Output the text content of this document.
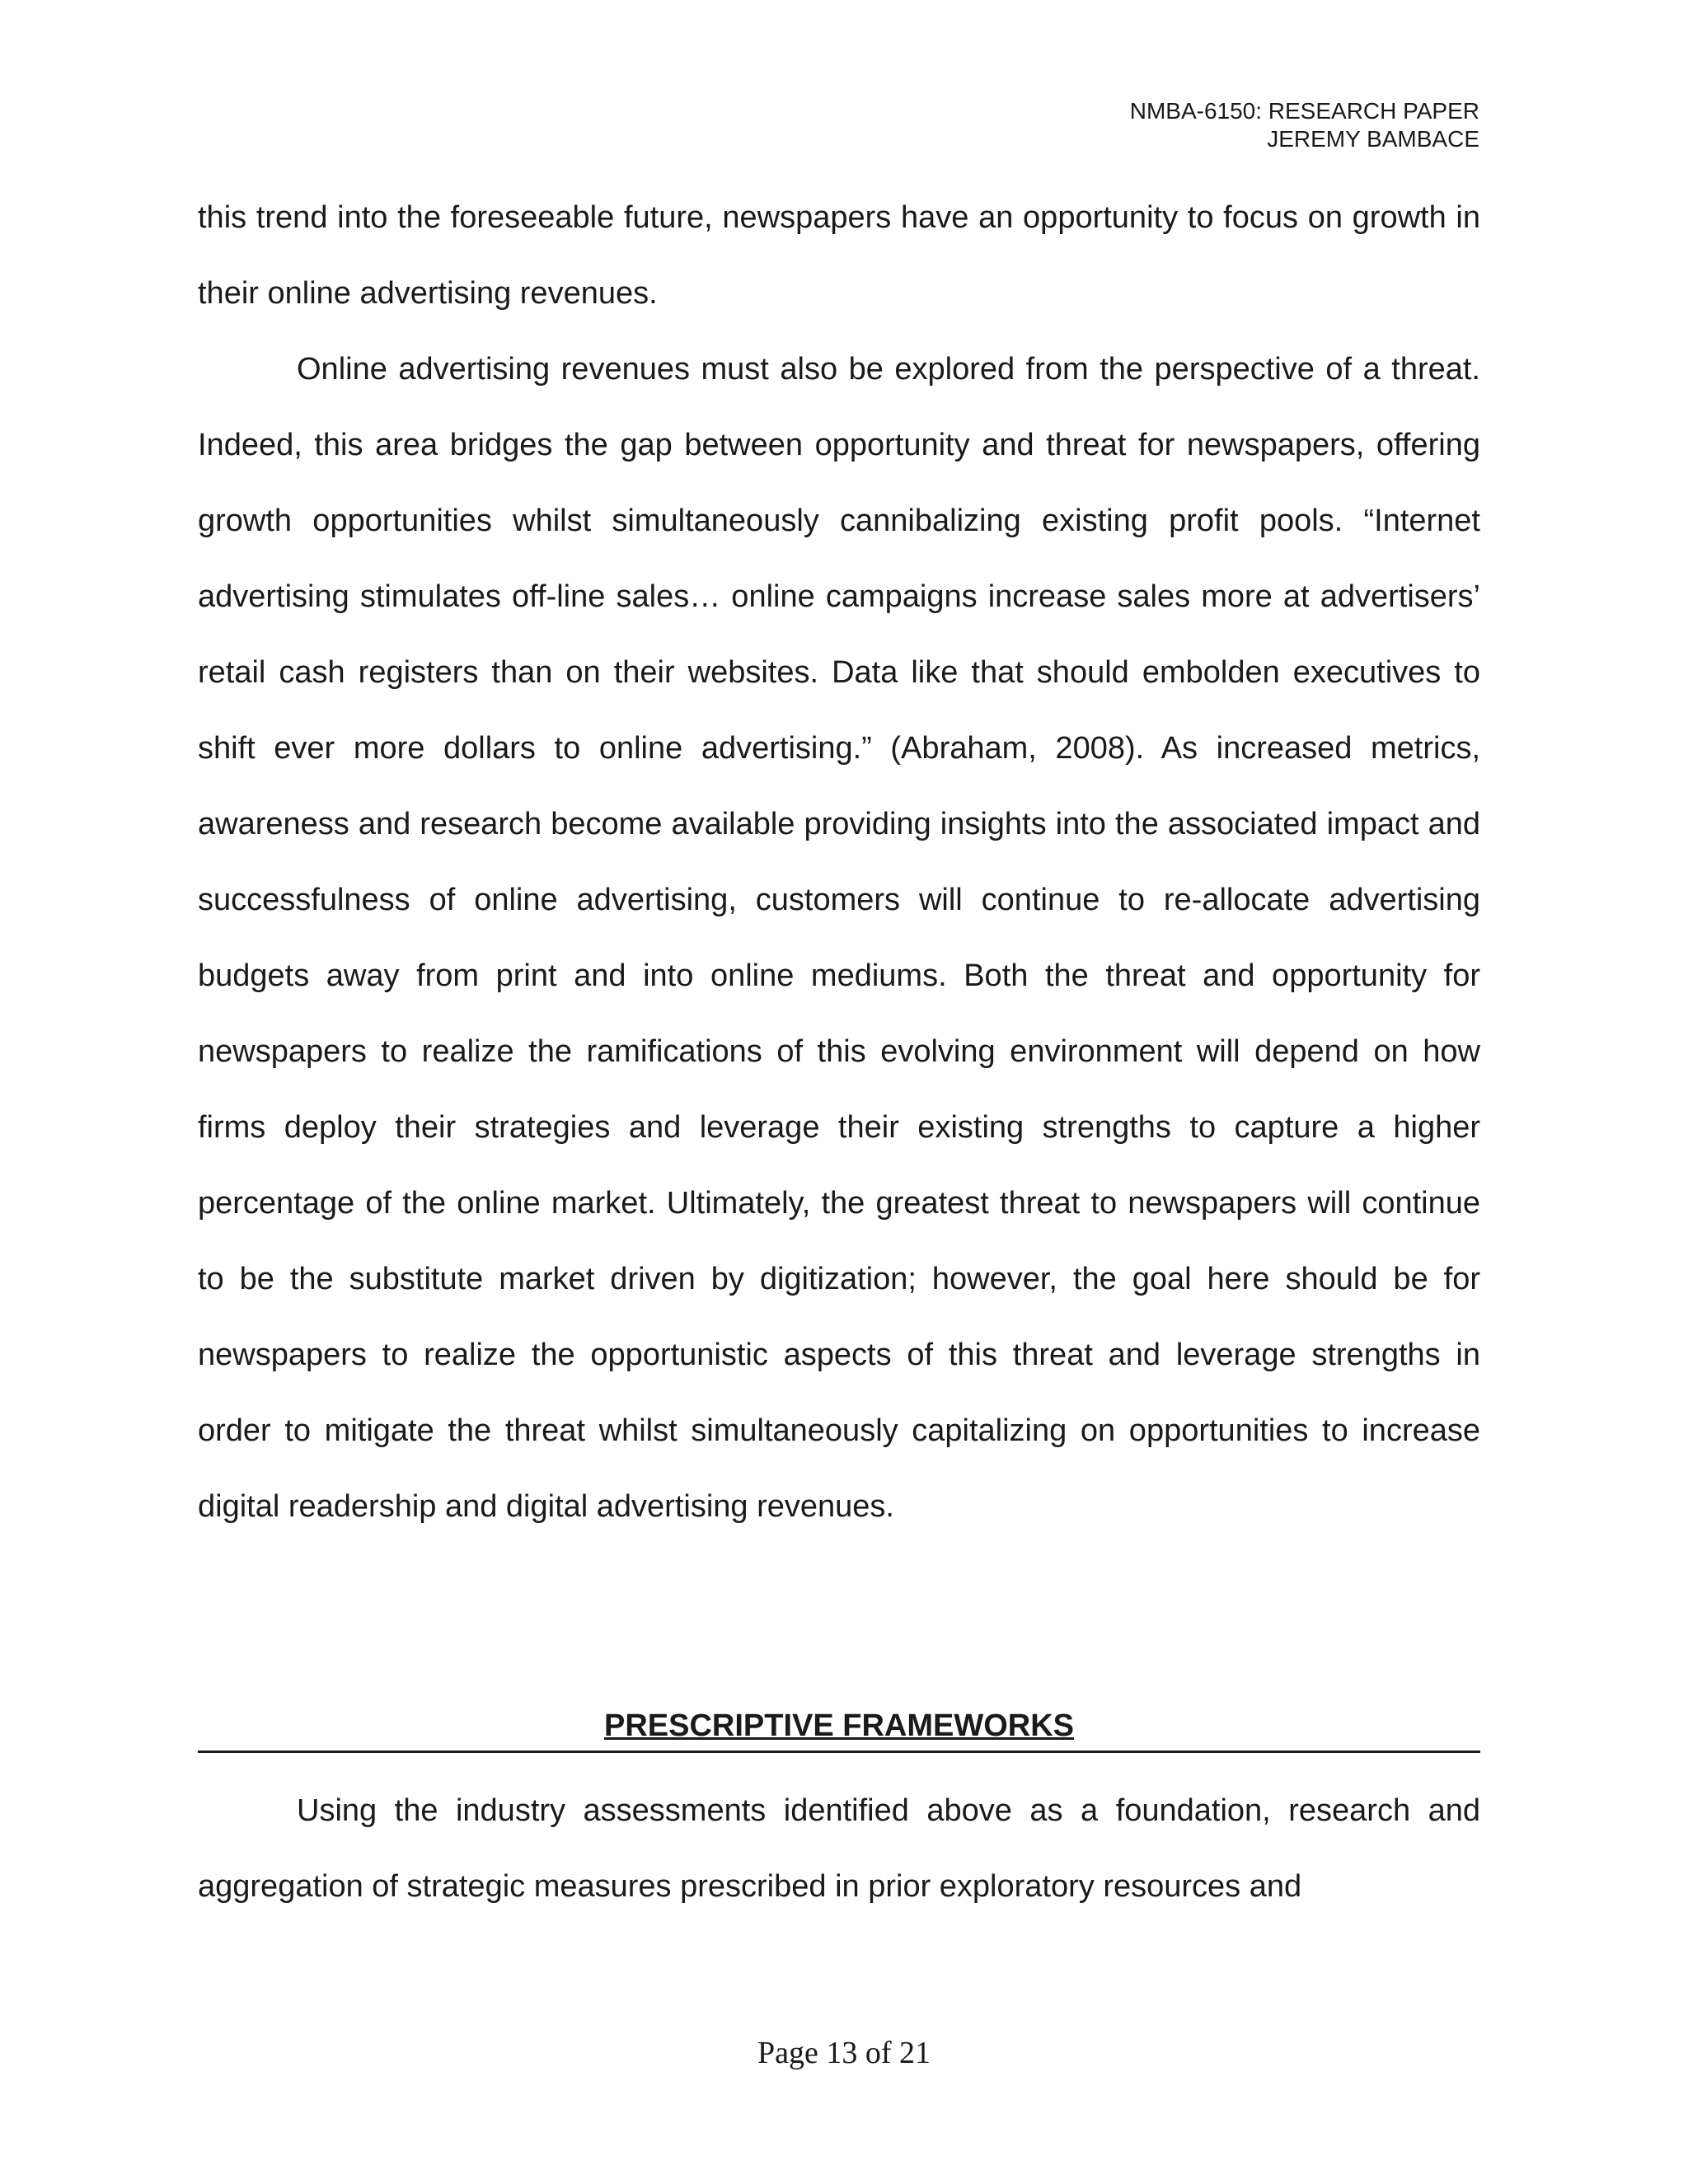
NMBA-6150: RESEARCH PAPER
JEREMY BAMBACE

this trend into the foreseeable future, newspapers have an opportunity to focus on growth in their online advertising revenues.

Online advertising revenues must also be explored from the perspective of a threat. Indeed, this area bridges the gap between opportunity and threat for newspapers, offering growth opportunities whilst simultaneously cannibalizing existing profit pools. “Internet advertising stimulates off-line sales… online campaigns increase sales more at advertisers’ retail cash registers than on their websites. Data like that should embolden executives to shift ever more dollars to online advertising.” (Abraham, 2008). As increased metrics, awareness and research become available providing insights into the associated impact and successfulness of online advertising, customers will continue to re-allocate advertising budgets away from print and into online mediums. Both the threat and opportunity for newspapers to realize the ramifications of this evolving environment will depend on how firms deploy their strategies and leverage their existing strengths to capture a higher percentage of the online market. Ultimately, the greatest threat to newspapers will continue to be the substitute market driven by digitization; however, the goal here should be for newspapers to realize the opportunistic aspects of this threat and leverage strengths in order to mitigate the threat whilst simultaneously capitalizing on opportunities to increase digital readership and digital advertising revenues.

PRESCRIPTIVE FRAMEWORKS

Using the industry assessments identified above as a foundation, research and aggregation of strategic measures prescribed in prior exploratory resources and

Page 13 of 21
